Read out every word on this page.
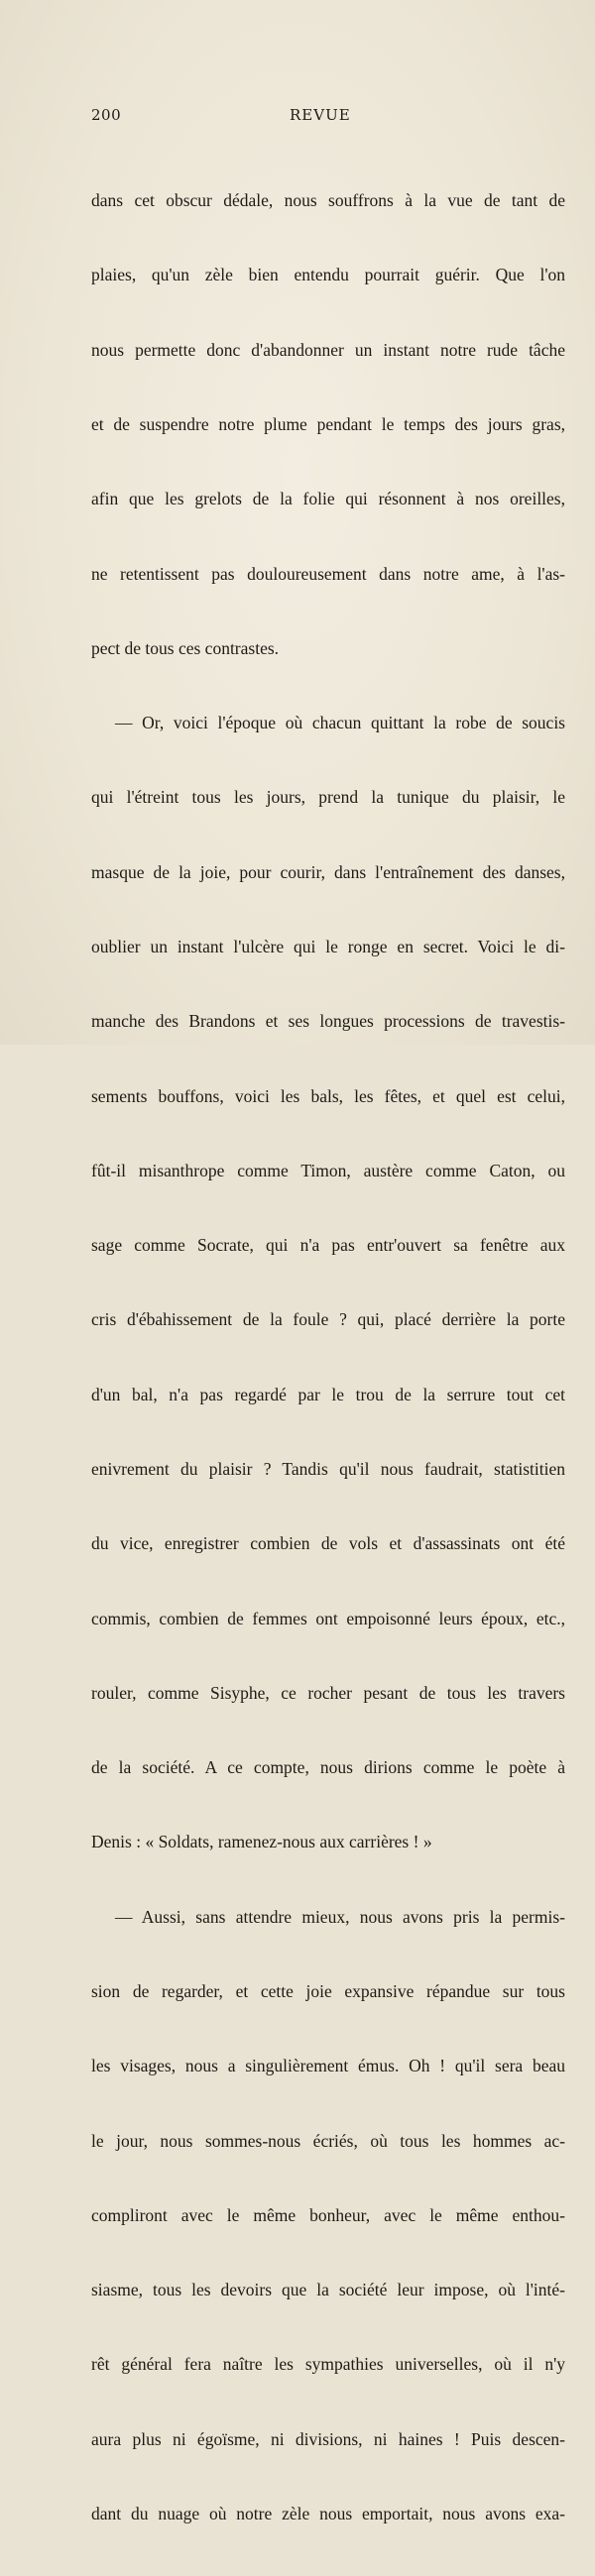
200	REVUE

dans cet obscur dédale, nous souffrons à la vue de tant de

plaies, qu'un zèle bien entendu pourrait guérir. Que l'on

nous permette donc d'abandonner un instant notre rude tâche

et de suspendre notre plume pendant le temps des jours gras,

afin que les grelots de la folie qui résonnent à nos oreilles,

ne retentissent pas douloureusement dans notre ame, à l'as-

pect de tous ces contrastes.

— Or, voici l'époque où chacun quittant la robe de soucis

qui l'étreint tous les jours, prend la tunique du plaisir, le

masque de la joie, pour courir, dans l'entraînement des danses,

oublier un instant l'ulcère qui le ronge en secret. Voici le di-

manche des Brandons et ses longues processions de travestis-

sements bouffons, voici les bals, les fêtes, et quel est celui,

fût-il misanthrope comme Timon, austère comme Caton, ou

sage comme Socrate, qui n'a pas entr'ouvert sa fenêtre aux

cris d'ébahissement de la foule ? qui, placé derrière la porte

d'un bal, n'a pas regardé par le trou de la serrure tout cet

enivrement du plaisir ? Tandis qu'il nous faudrait, statistitien

du vice, enregistrer combien de vols et d'assassinats ont été

commis, combien de femmes ont empoisonné leurs époux, etc.,

rouler, comme Sisyphe, ce rocher pesant de tous les travers

de la société. A ce compte, nous dirions comme le poète à

Denis : « Soldats, ramenez-nous aux carrières ! »

— Aussi, sans attendre mieux, nous avons pris la permis-

sion de regarder, et cette joie expansive répandue sur tous

les visages, nous a singulièrement émus. Oh ! qu'il sera beau

le jour, nous sommes-nous écriés, où tous les hommes ac-

compliront avec le même bonheur, avec le même enthou-

siasme, tous les devoirs que la société leur impose, où l'inté-

rêt général fera naître les sympathies universelles, où il n'y

aura plus ni égoïsme, ni divisions, ni haines ! Puis descen-

dant du nuage où notre zèle nous emportait, nous avons exa-
